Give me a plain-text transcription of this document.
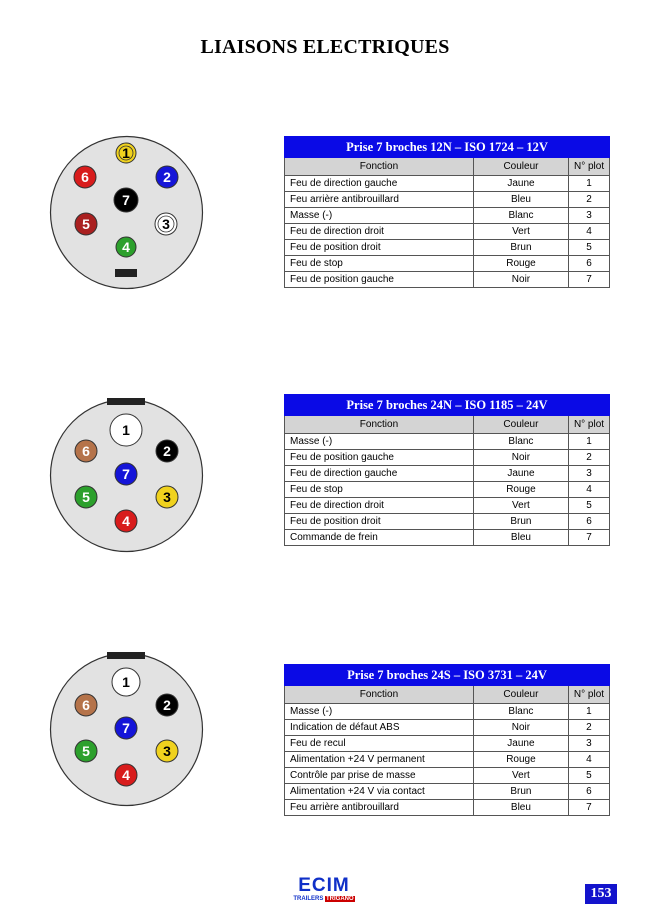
LIAISONS ELECTRIQUES
1
2
3
4
5
6
7
Prise 7 broches 12N – ISO 1724 – 12V		
Fonction	Couleur	N° plot
Feu de direction gauche	Jaune	1
Feu arrière antibrouillard	Bleu	2
Masse (-)	Blanc	3
Feu de direction droit	Vert	4
Feu de position droit	Brun	5
Feu de stop	Rouge	6
Feu de position gauche	Noir	7
1
2
3
4
5
6
7
Prise 7 broches 24N – ISO 1185 – 24V		
Fonction	Couleur	N° plot
Masse (-)	Blanc	1
Feu de position gauche	Noir	2
Feu de direction gauche	Jaune	3
Feu de stop	Rouge	4
Feu de direction droit	Vert	5
Feu de position droit	Brun	6
Commande de frein	Bleu	7
1
2
3
4
5
6
7
Prise 7 broches 24S – ISO 3731 – 24V		
Fonction	Couleur	N° plot
Masse (-)	Blanc	1
Indication de défaut ABS	Noir	2
Feu de recul	Jaune	3
Alimentation +24 V permanent	Rouge	4
Contrôle par prise de masse	Vert	5
Alimentation +24 V via contact	Brun	6
Feu arrière antibrouillard	Bleu	7
ECIM
TRAILERS TRIGANO	153
